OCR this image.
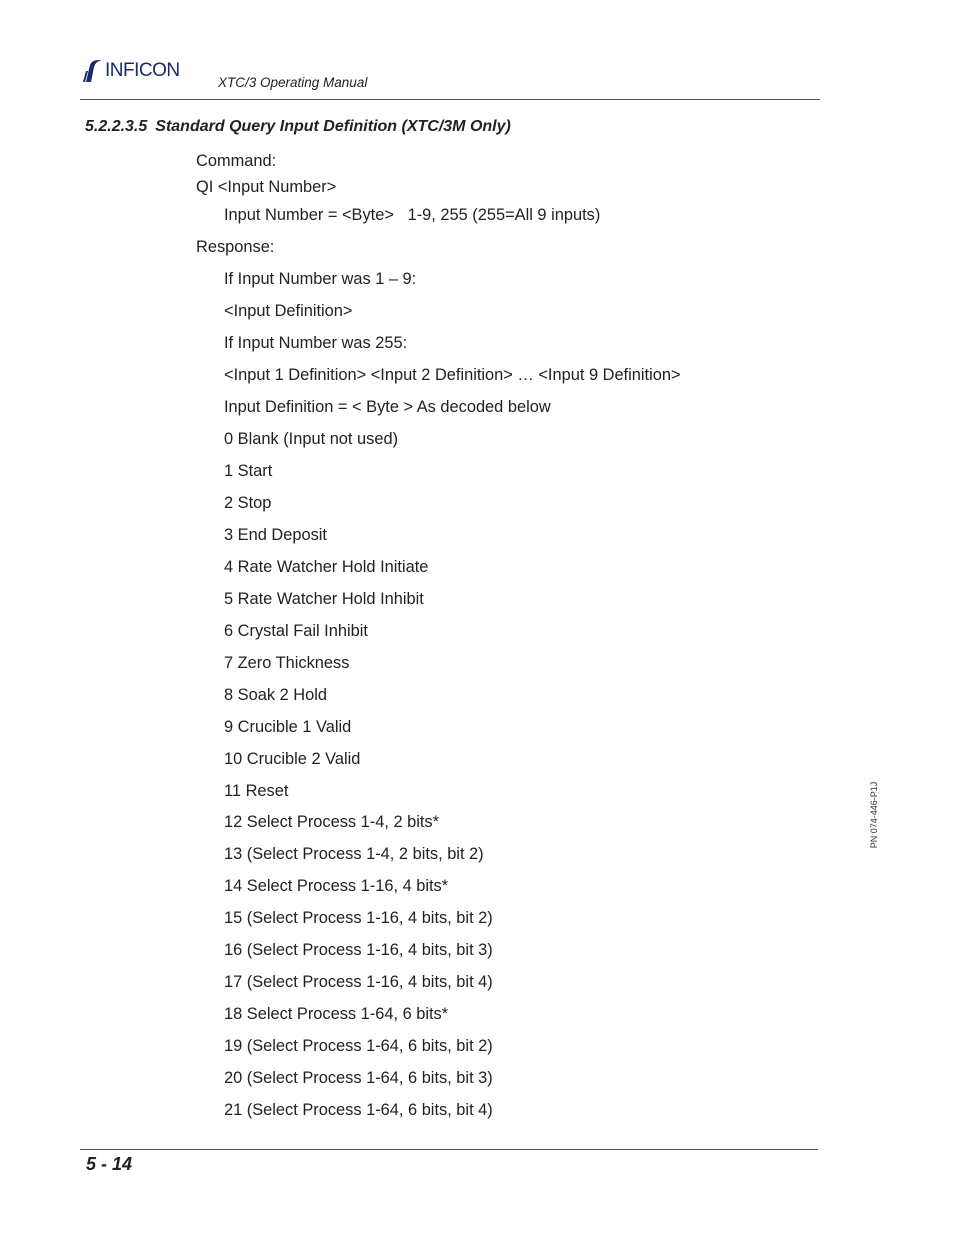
INFICON
XTC/3 Operating Manual
5.2.2.3.5 Standard Query Input Definition (XTC/3M Only)
Command:
QI <Input Number>
Input Number = <Byte>   1-9, 255 (255=All 9 inputs)
Response:
If Input Number was 1 – 9:
<Input Definition>
If Input Number was 255:
<Input 1 Definition> <Input 2 Definition> … <Input 9 Definition>
Input Definition = < Byte > As decoded below
0 Blank (Input not used)
1 Start
2 Stop
3 End Deposit
4 Rate Watcher Hold Initiate
5 Rate Watcher Hold Inhibit
6 Crystal Fail Inhibit
7 Zero Thickness
8 Soak 2 Hold
9 Crucible 1 Valid
10 Crucible 2 Valid
11 Reset
12 Select Process 1-4, 2 bits*
13 (Select Process 1-4, 2 bits, bit 2)
14 Select Process 1-16, 4 bits*
15 (Select Process 1-16, 4 bits, bit 2)
16 (Select Process 1-16, 4 bits, bit 3)
17 (Select Process 1-16, 4 bits, bit 4)
18 Select Process 1-64, 6 bits*
19 (Select Process 1-64, 6 bits, bit 2)
20 (Select Process 1-64, 6 bits, bit 3)
21 (Select Process 1-64, 6 bits, bit 4)
PN 074-446-P1J
5 - 14
